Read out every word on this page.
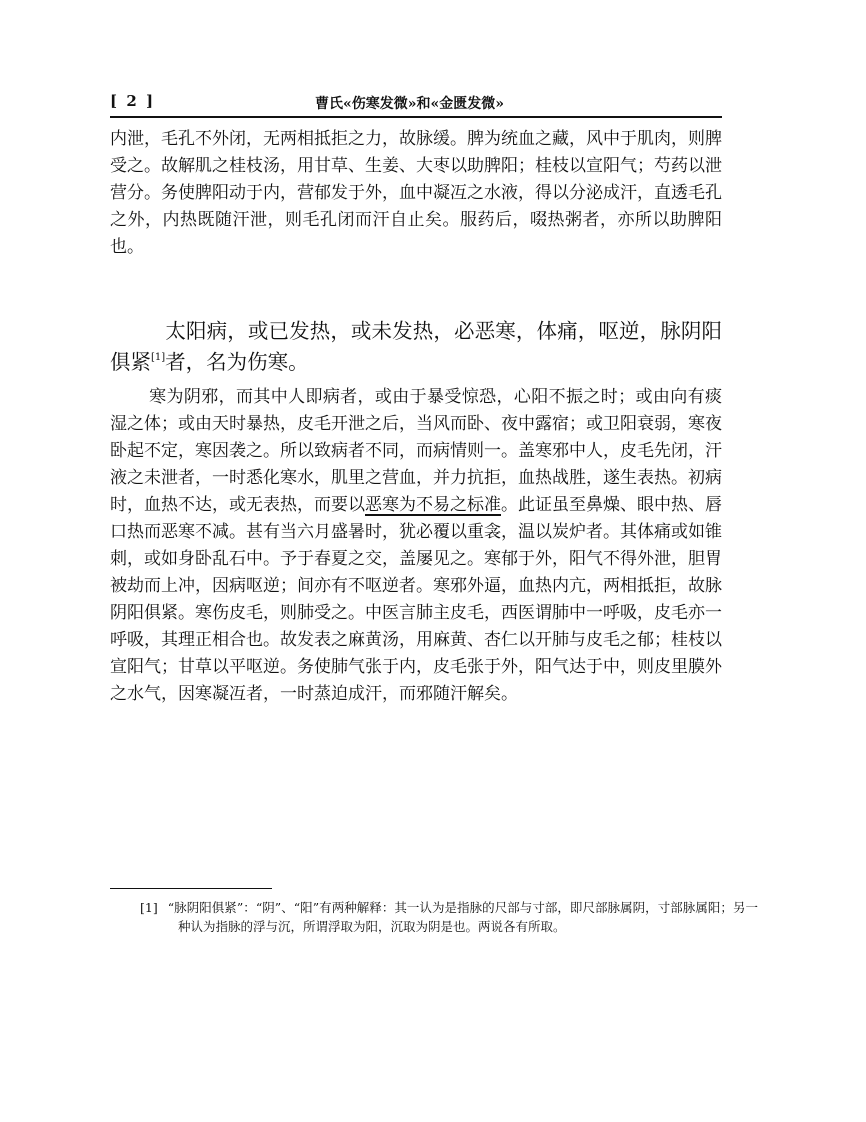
[ 2 ]	曹氏«伤寒发微»和«金匮发微»

内泄，毛孔不外闭，无两相抵拒之力，故脉缓。脾为统血之藏，风中于肌肉，则脾受之。故解肌之桂枝汤，用甘草、生姜、大枣以助脾阳；桂枝以宣阳气；芍药以泄营分。务使脾阳动于内，营郁发于外，血中凝冱之水液，得以分泌成汗，直透毛孔之外，内热既随汗泄，则毛孔闭而汗自止矣。服药后，啜热粥者，亦所以助脾阳也。

太阳病，或已发热，或未发热，必恶寒，体痛，呕逆，脉阴阳俱紧[1]者，名为伤寒。

寒为阴邪，而其中人即病者，或由于暴受惊恐，心阳不振之时；或由向有痰湿之体；或由天时暴热，皮毛开泄之后，当风而卧、夜中露宿；或卫阳衰弱，寒夜卧起不定，寒因袭之。所以致病者不同，而病情则一。盖寒邪中人，皮毛先闭，汗液之未泄者，一时悉化寒水，肌里之营血，并力抗拒，血热战胜，遂生表热。初病时，血热不达，或无表热，而要以恶寒为不易之标准。此证虽至鼻燥、眼中热、唇口热而恶寒不减。甚有当六月盛暑时，犹必覆以重衾，温以炭炉者。其体痛或如锥刺，或如身卧乱石中。予于春夏之交，盖屡见之。寒郁于外，阳气不得外泄，胆胃被劫而上冲，因病呕逆；间亦有不呕逆者。寒邪外逼，血热内亢，两相抵拒，故脉阴阳俱紧。寒伤皮毛，则肺受之。中医言肺主皮毛，西医谓肺中一呼吸，皮毛亦一呼吸，其理正相合也。故发表之麻黄汤，用麻黄、杏仁以开肺与皮毛之郁；桂枝以宣阳气；甘草以平呕逆。务使肺气张于内，皮毛张于外，阳气达于中，则皮里膜外之水气，因寒凝冱者，一时蒸迫成汗，而邪随汗解矣。

[1] “脉阴阳俱紧”：“阴”、“阳”有两种解释：其一认为是指脉的尺部与寸部，即尺部脉属阴，寸部脉属阳；另一种认为指脉的浮与沉，所谓浮取为阳，沉取为阴是也。两说各有所取。
